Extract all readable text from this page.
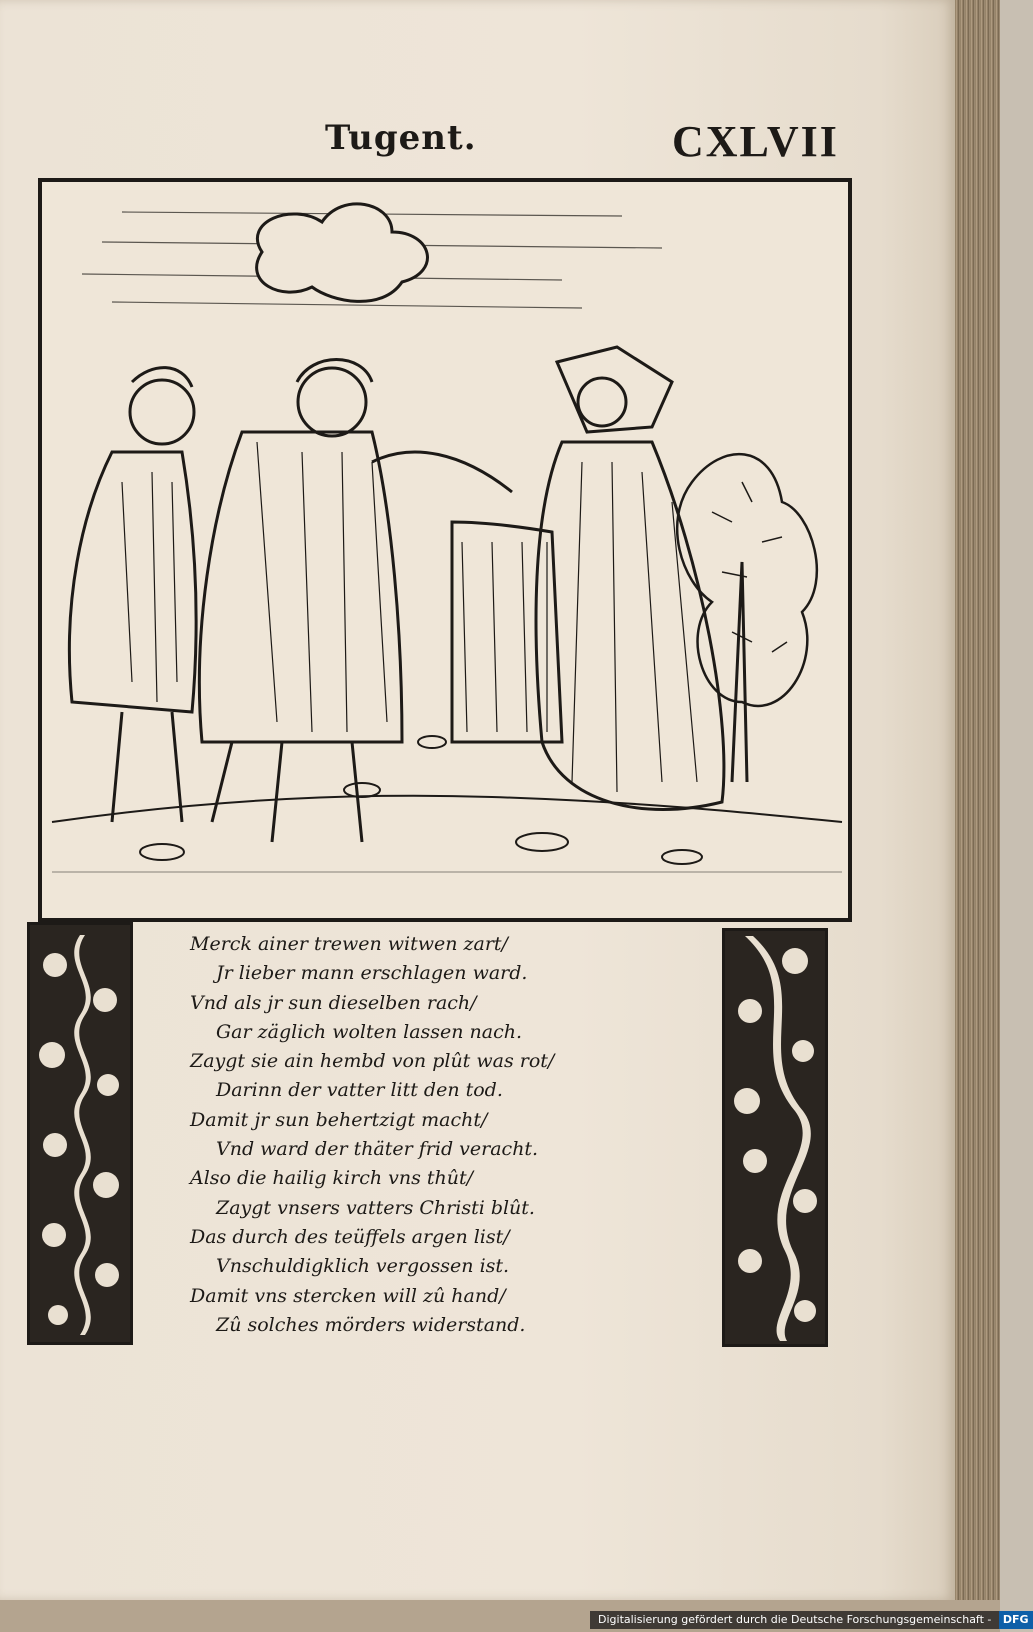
Tugent.	CXLVII
Merck ainer trewen witwen zart/
Jr lieber mann erschlagen ward.
Vnd als jr sun dieselben rach/
Gar zäglich wolten lassen nach.
Zaygt sie ain hembd von plût was rot/
Darinn der vatter litt den tod.
Damit jr sun behertzigt macht/
Vnd ward der thäter frid veracht.
Also die hailig kirch vns thût/
Zaygt vnsers vatters Christi blût.
Das durch des teüffels argen list/
Vnschuldigklich vergossen ist.
Damit vns stercken will zû hand/
Zû solches mörders widerstand.
Digitalisierung gefördert durch die Deutsche Forschungsgemeinschaft - DFG
